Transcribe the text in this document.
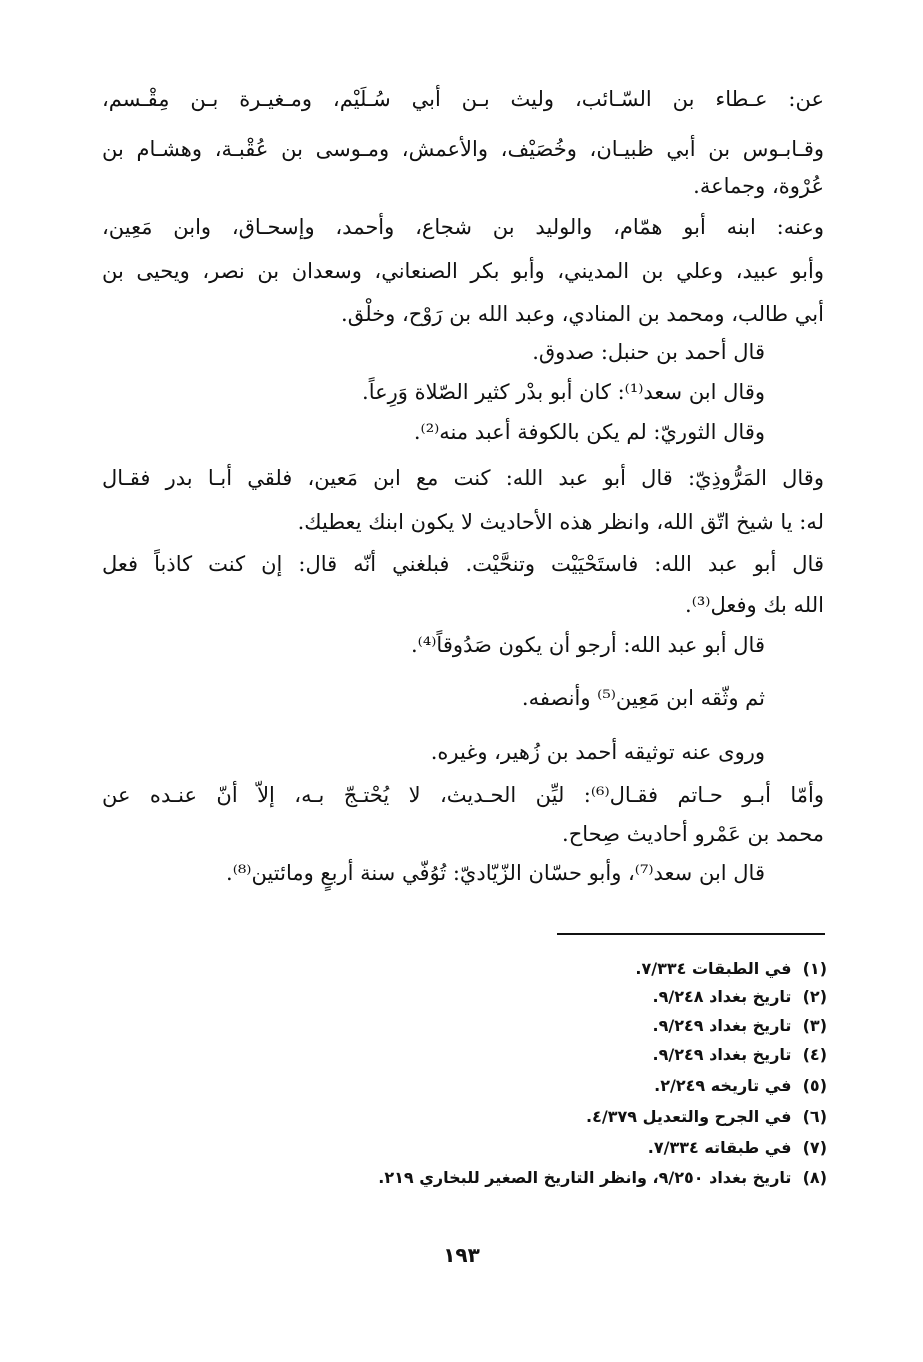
عن: عـطاء بن السّـائب، وليث بـن أبي سُـلَيْم، ومـغيـرة بـن مِقْـسم،
وقـابـوس بن أبي ظبيـان، وخُصَيْف، والأعمش، ومـوسى بن عُقْبـة، وهشـام بن
عُرْوة، وجماعة.
وعنه: ابنه أبو همّام، والوليد بن شجاع، وأحمد، وإسحـاق، وابن مَعِين،
وأبو عبيد، وعلي بن المديني، وأبو بكر الصنعاني، وسعدان بن نصر، ويحيى بن
أبي طالب، ومحمد بن المنادي، وعبد الله بن رَوْح، وخلْق.
قال أحمد بن حنبل: صدوق.
وقال ابن سعد⁽¹⁾: كان أبو بدْر كثير الصّلاة وَرِعاً.
وقال الثوريّ: لم يكن بالكوفة أعبد منه⁽²⁾.
وقال المَرُّوذِيّ: قال أبو عبد الله: كنت مع ابن مَعين، فلقي أبـا بدر فقـال
له: يا شيخ اتّق الله، وانظر هذه الأحاديث لا يكون ابنك يعطيك.
قال أبو عبد الله: فاستَحْيَيْت وتنحَّيْت. فبلغني أنّه قال: إن كنت كاذباً فعل
الله بك وفعل⁽³⁾.
قال أبو عبد الله: أرجو أن يكون صَدُوقاً⁽⁴⁾.
ثم وثّقه ابن مَعِين⁽⁵⁾ وأنصفه.
وروى عنه توثيقه أحمد بن زُهير، وغيره.
وأمّا أبـو حـاتم فقـال⁽⁶⁾: ليِّن الحـديث، لا يُحْتـجّ بـه، إلاّ أنّ عنـده عن
محمد بن عَمْرو أحاديث صِحاح.
قال ابن سعد⁽⁷⁾، وأبو حسّان الزّيّاديّ: تُوُفّي سنة أربعٍ ومائتين⁽⁸⁾.
(١) في الطبقات ٧/٣٣٤.
(٢) تاريخ بغداد ٩/٢٤٨.
(٣) تاريخ بغداد ٩/٢٤٩.
(٤) تاريخ بغداد ٩/٢٤٩.
(٥) في تاريخه ٢/٢٤٩.
(٦) في الجرح والتعديل ٤/٣٧٩.
(٧) في طبقاته ٧/٣٣٤.
(٨) تاريخ بغداد ٩/٢٥٠، وانظر التاريخ الصغير للبخاري ٢١٩.
١٩٣
